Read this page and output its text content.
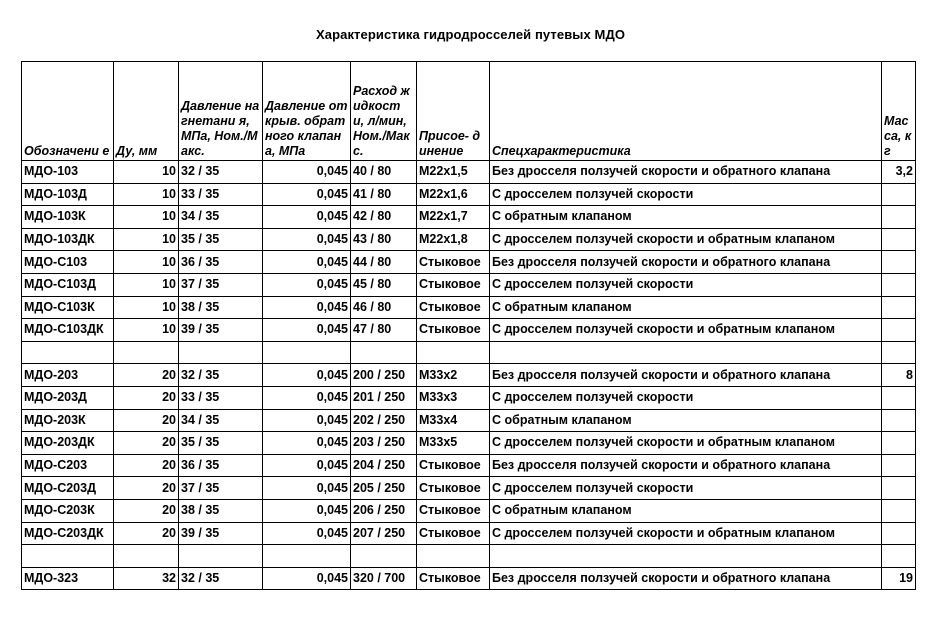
Характеристика гидродросселей путевых МДО
Обозначени е	Ду, мм	Давление нагнетани я, МПа, Ном./Макс.	Давление открыв. обратного клапана, МПа	Расход жидкост и, л/мин, Ном./Мак с.	Присое- динение	Спецхарактеристика	Мас са, кг
МДО-103	10	32 / 35	0,045	40 / 80	М22х1,5	Без дросселя ползучей скорости и обратного клапана	3,2
МДО-103Д	10	33 / 35	0,045	41 / 80	М22х1,6	С дросселем ползучей скорости	
МДО-103К	10	34 / 35	0,045	42 / 80	М22х1,7	С обратным клапаном	
МДО-103ДК	10	35 / 35	0,045	43 / 80	М22х1,8	С дросселем ползучей скорости и обратным клапаном	
МДО-С103	10	36 / 35	0,045	44 / 80	Стыковое	Без дросселя ползучей скорости и обратного клапана	
МДО-С103Д	10	37 / 35	0,045	45 / 80	Стыковое	С дросселем ползучей скорости	
МДО-С103К	10	38 / 35	0,045	46 / 80	Стыковое	С обратным клапаном	
МДО-С103ДК	10	39 / 35	0,045	47 / 80	Стыковое	С дросселем ползучей скорости и обратным клапаном	

МДО-203	20	32 / 35	0,045	200 / 250	М33х2	Без дросселя ползучей скорости и обратного клапана	8
МДО-203Д	20	33 / 35	0,045	201 / 250	М33х3	С дросселем ползучей скорости	
МДО-203К	20	34 / 35	0,045	202 / 250	М33х4	С обратным клапаном	
МДО-203ДК	20	35 / 35	0,045	203 / 250	М33х5	С дросселем ползучей скорости и обратным клапаном	
МДО-С203	20	36 / 35	0,045	204 / 250	Стыковое	Без дросселя ползучей скорости и обратного клапана	
МДО-С203Д	20	37 / 35	0,045	205 / 250	Стыковое	С дросселем ползучей скорости	
МДО-С203К	20	38 / 35	0,045	206 / 250	Стыковое	С обратным клапаном	
МДО-С203ДК	20	39 / 35	0,045	207 / 250	Стыковое	С дросселем ползучей скорости и обратным клапаном	

МДО-323	32	32 / 35	0,045	320 / 700	Стыковое	Без дросселя ползучей скорости и обратного клапана	19
